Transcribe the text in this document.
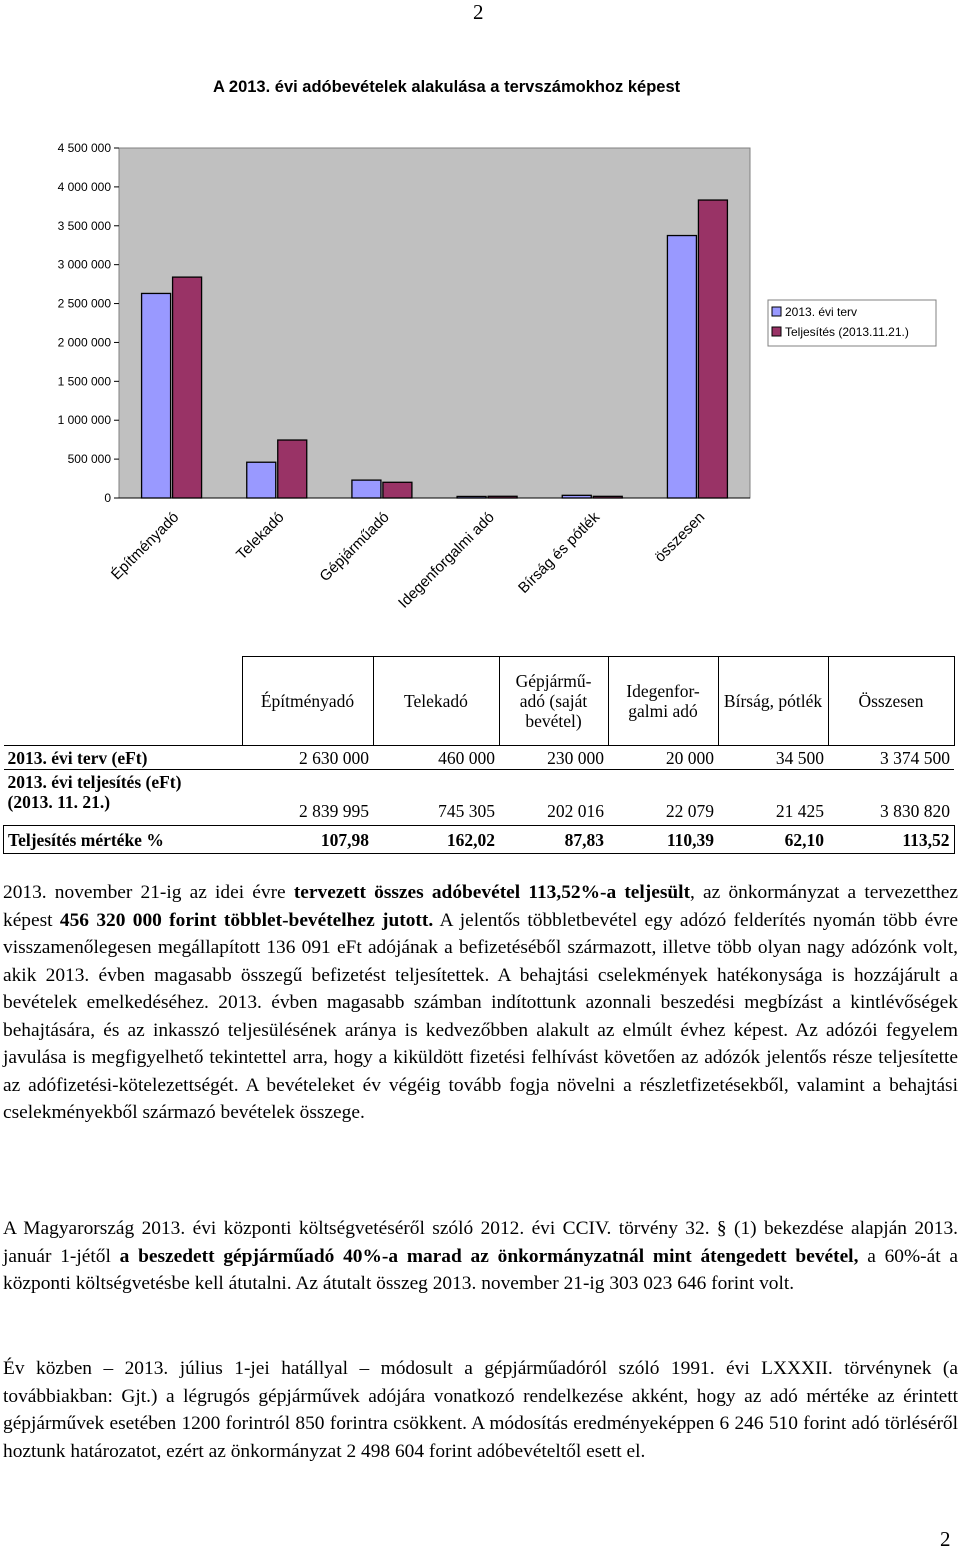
2
A 2013. évi adóbevételek alakulása a tervszámokhoz képest
0
500 000
1 000 000
1 500 000
2 000 000
2 500 000
3 000 000
3 500 000
4 000 000
4 500 000
Építményadó	Telekadó Gépjárműadó Idegenforgalmi adó Bírság és pótlék	összesen
2013. évi terv
Teljesítés (2013.11.21.)
	Építményadó	Telekadó	Gépjármű-adó (saját bevétel)	Idegenfor-galmi adó	Bírság, pótlék	Összesen
2013. évi terv (eFt)	2 630 000	460 000	230 000	20 000	34 500	3 374 500

2013. évi teljesítés (eFt)
(2013. 11. 21.)	2 839 995	745 305	202 016	22 079	21 425	3 830 820
Teljesítés mértéke %	107,98	162,02	87,83	110,39	62,10	113,52
2013. november 21-ig az idei évre tervezett összes adóbevétel 113,52%-a teljesült, az önkormányzat a tervezetthez képest 456 320 000 forint többlet-bevételhez jutott. A jelentős többletbevétel egy adózó felderítés nyomán több évre visszamenőlegesen megállapított 136 091 eFt adójának a befizetéséből származott, illetve több olyan nagy adózónk volt, akik 2013. évben magasabb összegű befizetést teljesítettek. A behajtási cselekmények hatékonysága is hozzájárult a bevételek emelkedéséhez. 2013. évben magasabb számban indítottunk azonnali beszedési megbízást a kintlévőségek behajtására, és az inkasszó teljesülésének aránya is kedvezőbben alakult az elmúlt évhez képest. Az adózói fegyelem javulása is megfigyelhető tekintettel arra, hogy a kiküldött fizetési felhívást követően az adózók jelentős része teljesítette az adófizetési-kötelezettségét. A bevételeket év végéig tovább fogja növelni a részletfizetésekből, valamint a behajtási cselekményekből származó bevételek összege.
A Magyarország 2013. évi központi költségvetéséről szóló 2012. évi CCIV. törvény 32. § (1) bekezdése alapján 2013. január 1-jétől a beszedett gépjárműadó 40%-a marad az önkormányzatnál mint átengedett bevétel, a 60%-át a központi költségvetésbe kell átutalni. Az átutalt összeg 2013. november 21-ig 303 023 646 forint volt.
Év közben – 2013. július 1-jei hatállyal – módosult a gépjárműadóról szóló 1991. évi LXXXII. törvénynek (a továbbiakban: Gjt.) a légrugós gépjárművek adójára vonatkozó rendelkezése akként, hogy az adó mértéke az érintett gépjárművek esetében 1200 forintról 850 forintra csökkent. A módosítás eredményeképpen 6 246 510 forint adó törléséről hoztunk határozatot, ezért az önkormányzat 2 498 604 forint adóbevételtől esett el.
2
